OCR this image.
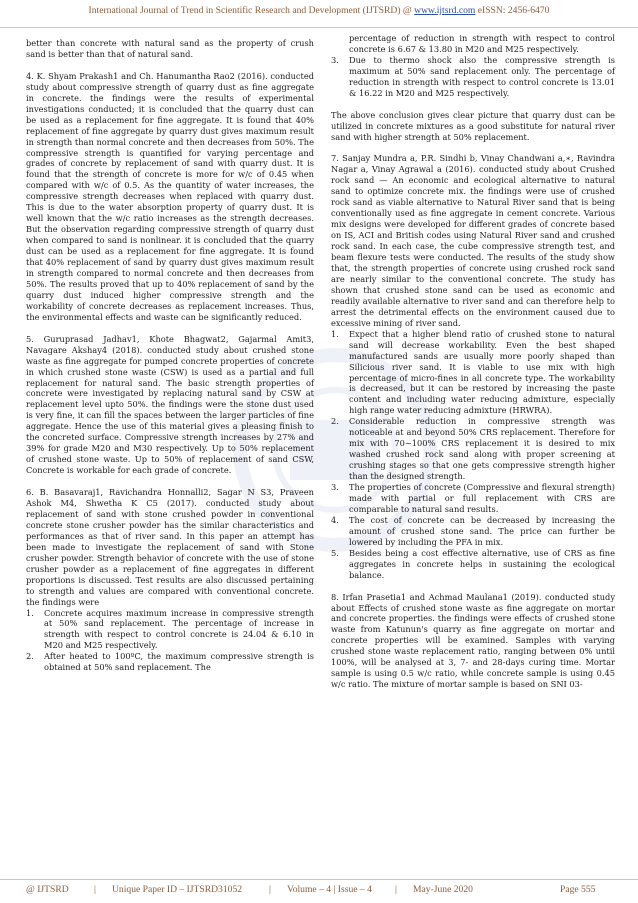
International Journal of Trend in Scientific Research and Development (IJTSRD) @ www.ijtsrd.com eISSN: 2456-6470

better than concrete with natural sand as the property of crush sand is better than that of natural sand.

4. K. Shyam Prakash1 and Ch. Hanumantha Rao2 (2016). conducted study about compressive strength of quarry dust as fine aggregate in concrete. the findings were the results of experimental investigations conducted; it is concluded that the quarry dust can be used as a replacement for fine aggregate. It is found that 40% replacement of fine aggregate by quarry dust gives maximum result in strength than normal concrete and then decreases from 50%. The compressive strength is quantified for varying percentage and grades of concrete by replacement of sand with quarry dust. It is found that the strength of concrete is more for w/c of 0.45 when compared with w/c of 0.5. As the quantity of water increases, the compressive strength decreases when replaced with quarry dust. This is due to the water absorption property of quarry dust. It is well known that the w/c ratio increases as the strength decreases. But the observation regarding compressive strength of quarry dust when compared to sand is nonlinear. it is concluded that the quarry dust can be used as a replacement for fine aggregate. It is found that 40% replacement of sand by quarry dust gives maximum result in strength compared to normal concrete and then decreases from 50%. The results proved that up to 40% replacement of sand by the quarry dust induced higher compressive strength and the workability of concrete decreases as replacement increases. Thus, the environmental effects and waste can be significantly reduced.

5. Guruprasad Jadhav1, Khote Bhagwat2, Gajarmal Amit3, Navagare Akshay4 (2018). conducted study about crushed stone waste as fine aggregate for pumped concrete properties of concrete in which crushed stone waste (CSW) is used as a partial and full replacement for natural sand. The basic strength properties of concrete were investigated by replacing natural sand by CSW at replacement level upto 50%. the findings were the stone dust used is very fine, it can fill the spaces between the larger particles of fine aggregate. Hence the use of this material gives a pleasing finish to the concreted surface. Compressive strength increases by 27% and 39% for grade M20 and M30 respectively. Up to 50% replacement of crushed stone waste. Up to 50% of replacement of sand CSW, Concrete is workable for each grade of concrete.

6. B. Basavaraj1, Ravichandra Honnalli2, Sagar N S3, Praveen Ashok M4, Shwetha K C5 (2017). conducted study about replacement of sand with stone crushed powder in conventional concrete stone crusher powder has the similar characteristics and performances as that of river sand. In this paper an attempt has been made to investigate the replacement of sand with Stone crusher powder. Strength behavior of concrete with the use of stone crusher powder as a replacement of fine aggregates in different proportions is discussed. Test results are also discussed pertaining to strength and values are compared with conventional concrete. the findings were

1. Concrete acquires maximum increase in compressive strength at 50% sand replacement. The percentage of increase in strength with respect to control concrete is 24.04 & 6.10 in M20 and M25 respectively.
2. After heated to 100ºC, the maximum compressive strength is obtained at 50% sand replacement. The
percentage of reduction in strength with respect to control concrete is 6.67 & 13.80 in M20 and M25 respectively.
3. Due to thermo shock also the compressive strength is maximum at 50% sand replacement only. The percentage of reduction in strength with respect to control concrete is 13.01 & 16.22 in M20 and M25 respectively.

The above conclusion gives clear picture that quarry dust can be utilized in concrete mixtures as a good substitute for natural river sand with higher strength at 50% replacement.

7. Sanjay Mundra a, P.R. Sindhi b, Vinay Chandwani a,∗, Ravindra Nagar a, Vinay Agrawal a (2016). conducted study about Crushed rock sand — An economic and ecological alternative to natural sand to optimize concrete mix. the findings were use of crushed rock sand as viable alternative to Natural River sand that is being conventionally used as fine aggregate in cement concrete. Various mix designs were developed for different grades of concrete based on IS, ACI and British codes using Natural River sand and crushed rock sand. In each case, the cube compressive strength test, and beam flexure tests were conducted. The results of the study show that, the strength properties of concrete using crushed rock sand are nearly similar to the conventional concrete. The study has shown that crushed stone sand can be used as economic and readily available alternative to river sand and can therefore help to arrest the detrimental effects on the environment caused due to excessive mining of river sand.

1. Expect that a higher blend ratio of crushed stone to natural sand will decrease workability. Even the best shaped manufactured sands are usually more poorly shaped than Silicious river sand. It is viable to use mix with high percentage of micro-fines in all concrete type. The workability is decreased, but it can be restored by increasing the paste content and including water reducing admixture, especially high range water reducing admixture (HRWRA).
2. Considerable reduction in compressive strength was noticeable at and beyond 50% CRS replacement. Therefore for mix with 70~100% CRS replacement it is desired to mix washed crushed rock sand along with proper screening at crushing stages so that one gets compressive strength higher than the designed strength.
3. The properties of concrete (Compressive and flexural strength) made with partial or full replacement with CRS are comparable to natural sand results.
4. The cost of concrete can be decreased by increasing the amount of crushed stone sand. The price can further be lowered by including the PFA in mix.
5. Besides being a cost effective alternative, use of CRS as fine aggregates in concrete helps in sustaining the ecological balance.

8. Irfan Prasetia1 and Achmad Maulana1 (2019). conducted study about Effects of crushed stone waste as fine aggregate on mortar and concrete properties. the findings were effects of crushed stone waste from Katunun's quarry as fine aggregate on mortar and concrete properties will be examined. Samples with varying crushed stone waste replacement ratio, ranging between 0% until 100%, will be analysed at 3, 7- and 28-days curing time. Mortar sample is using 0.5 w/c ratio, while concrete sample is using 0.45 w/c ratio. The mixture of mortar sample is based on SNI 03-

@ IJTSRD	| Unique Paper ID – IJTSRD31052	| Volume – 4 | Issue – 4 | May-June 2020	Page 555
